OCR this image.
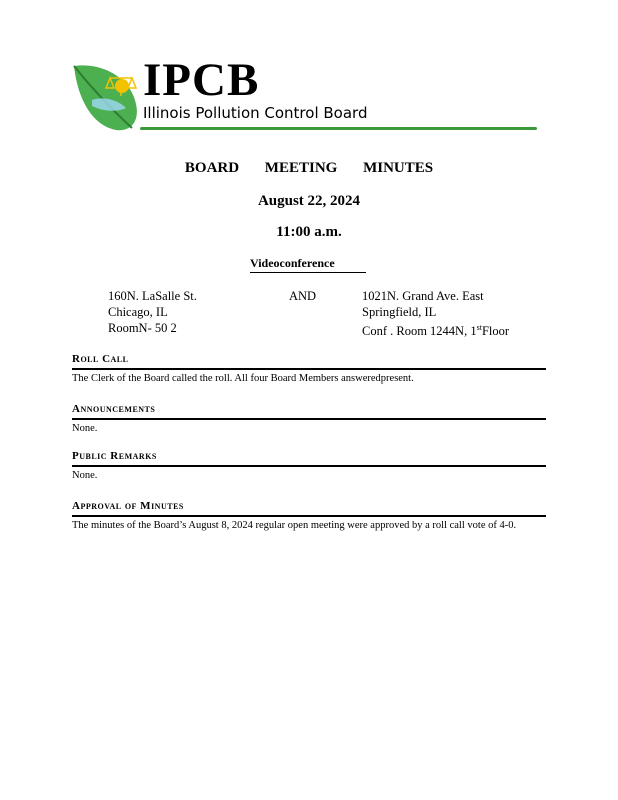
IPCB
Illinois Pollution Control Board
BOARD MEETING MINUTES
August 22, 2024
11:00 a.m.
Videoconference
160N. LaSalle St.
Chicago, IL
RoomN- 50 2
AND	1021N. Grand Ave. East
Springfield, IL
Conf . Room 1244N, 1stFloor
Roll Call
The Clerk of the Board called the roll. All four Board Members answeredpresent.
Announcements
None.
Public Remarks
None.
Approval of Minutes
The minutes of the Board’s August 8, 2024 regular open meeting were approved by a roll call vote of 4-0.
